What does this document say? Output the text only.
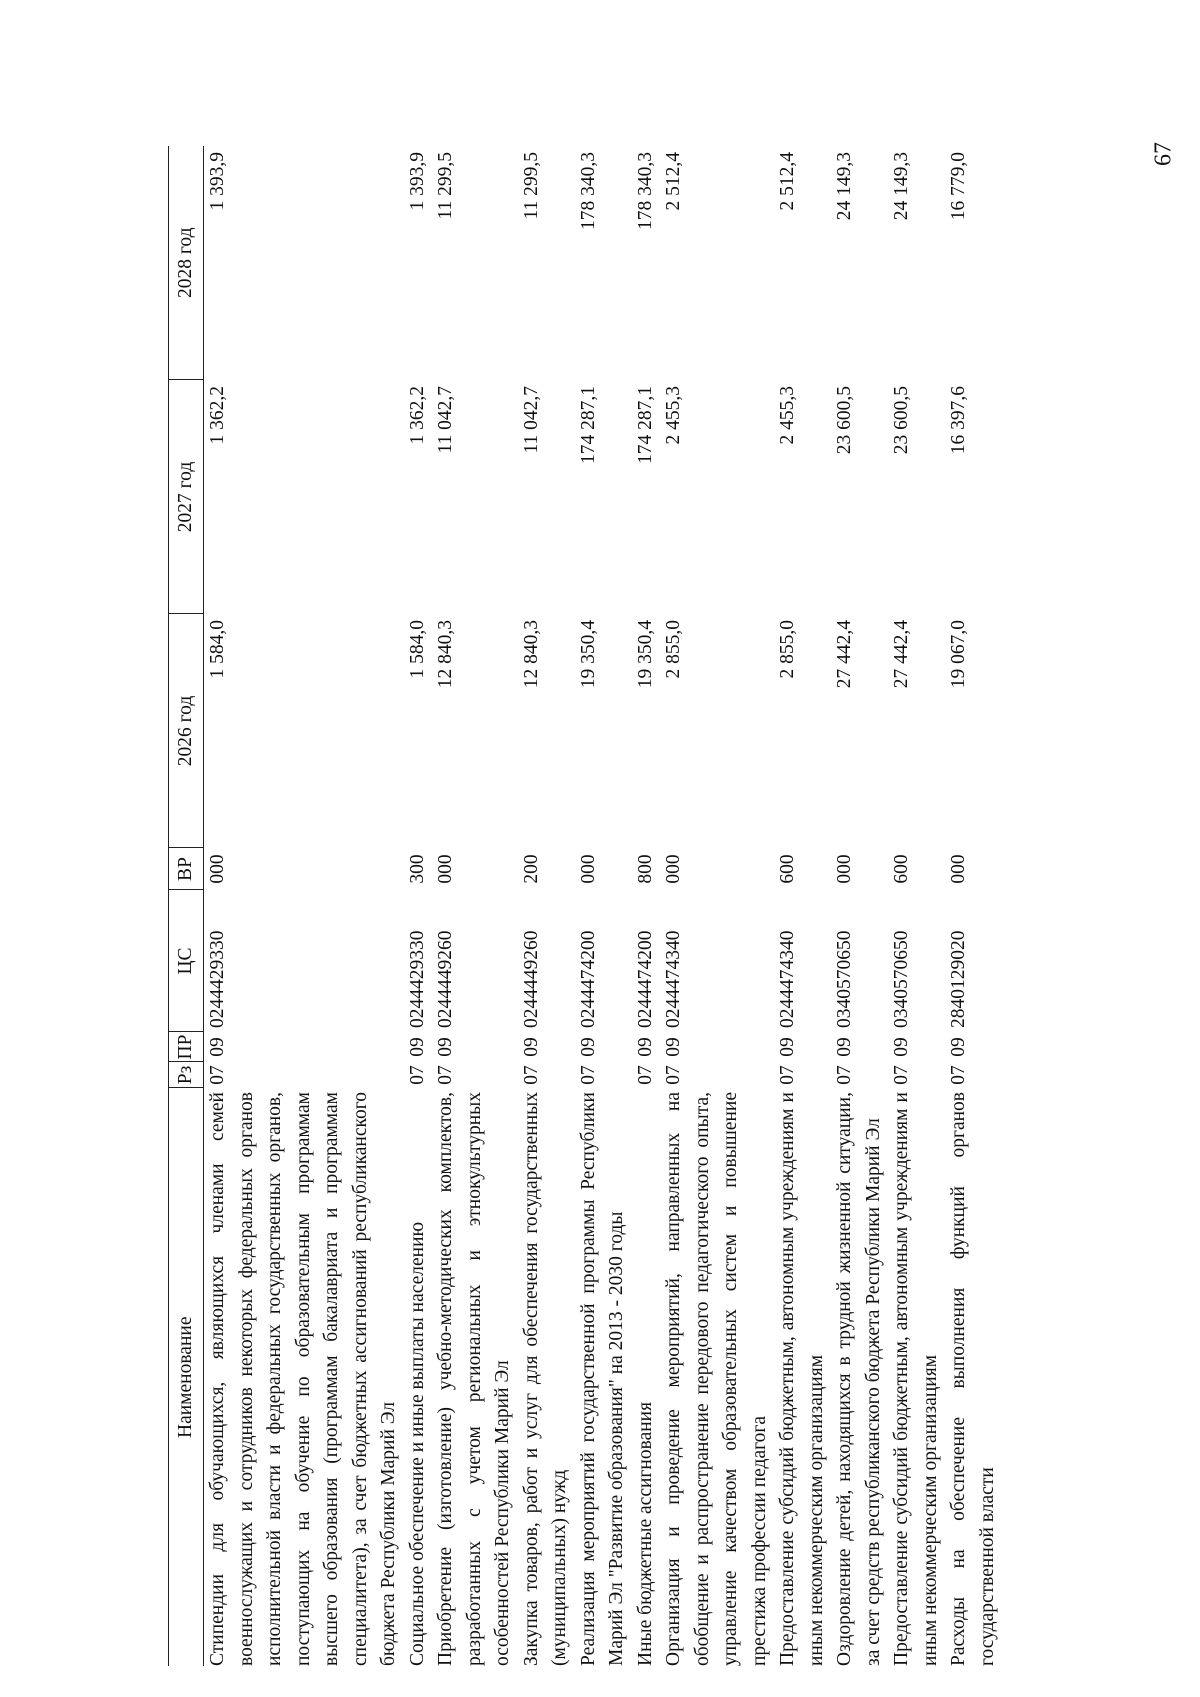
67
Наименование	Рз	ПР	ЦС	ВР	2026 год	2027 год	2028 год
Стипендии для обучающихся, являющихся членами семей военнослужащих и сотрудников некоторых федеральных органов исполнительной власти и федеральных государственных органов, поступающих на обучение по образовательным программам высшего образования (программам бакалавриата и программам специалитета), за счет бюджетных ассигнований республиканского бюджета Республики Марий Эл	07	09	0244429330	000	1 584,0	1 362,2	1 393,9
Социальное обеспечение и иные выплаты населению	07	09	0244429330	300	1 584,0	1 362,2	1 393,9
Приобретение (изготовление) учебно-методических комплектов, разработанных с учетом региональных и этнокультурных особенностей Республики Марий Эл	07	09	0244449260	000	12 840,3	11 042,7	11 299,5
Закупка товаров, работ и услуг для обеспечения государственных (муниципальных) нужд	07	09	0244449260	200	12 840,3	11 042,7	11 299,5
Реализация мероприятий государственной программы Республики Марий Эл "Развитие образования" на 2013 - 2030 годы	07	09	0244474200	000	19 350,4	174 287,1	178 340,3
Иные бюджетные ассигнования	07	09	0244474200	800	19 350,4	174 287,1	178 340,3
Организация и проведение мероприятий, направленных на обобщение и распространение передового педагогического опыта, управление качеством образовательных систем и повышение престижа профессии педагога	07	09	0244474340	000	2 855,0	2 455,3	2 512,4
Предоставление субсидий бюджетным, автономным учреждениям и иным некоммерческим организациям	07	09	0244474340	600	2 855,0	2 455,3	2 512,4
Оздоровление детей, находящихся в трудной жизненной ситуации, за счет средств республиканского бюджета Республики Марий Эл	07	09	0340570650	000	27 442,4	23 600,5	24 149,3
Предоставление субсидий бюджетным, автономным учреждениям и иным некоммерческим организациям	07	09	0340570650	600	27 442,4	23 600,5	24 149,3
Расходы на обеспечение выполнения функций органов государственной власти	07	09	2840129020	000	19 067,0	16 397,6	16 779,0
